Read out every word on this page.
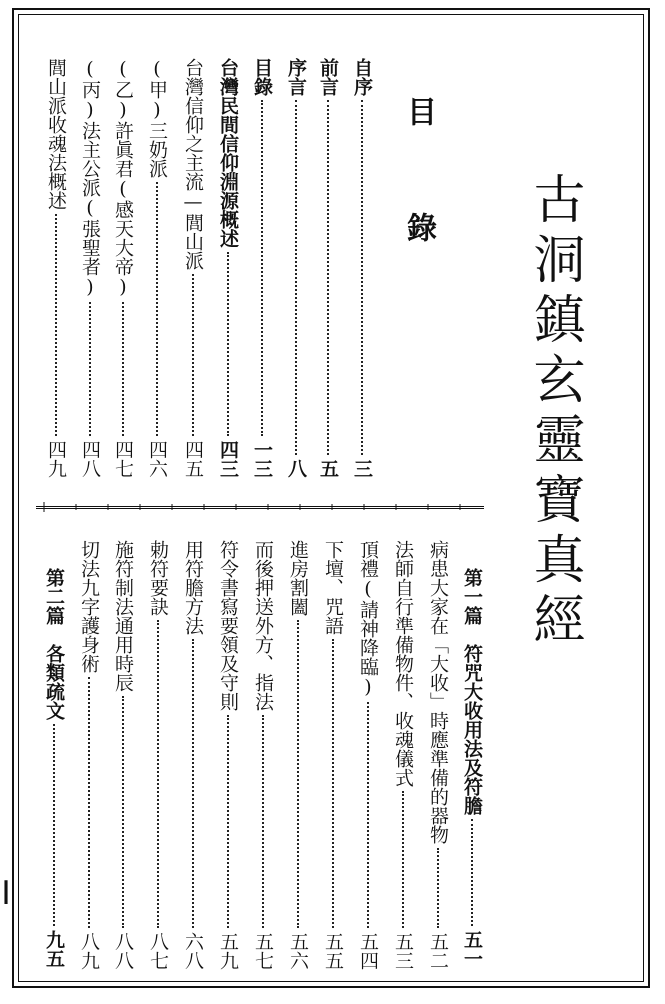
古洞鎮玄靈寶真經
目
錄
自序
三
前言
五
序言
八
目錄
一三
台灣民間信仰淵源概述
四三
台灣信仰之主流—閭山派
四五
(甲)三奶派
四六
(乙)許眞君(感天大帝)
四七
(丙)法主公派(張聖者)
四八
閭山派收魂法概述
四九
第一篇　符咒大收用法及符膽
五一
病患大家在「大收」時應準備的器物
五二
法師自行準備物件、收魂儀式
五三
頂禮(請神降臨)
五四
下壇、咒語
五五
進房割闔
五六
而後押送外方、指法
五七
符令書寫要領及守則
五九
用符膽方法
六八
勅符要訣
八七
施符制法通用時辰
八八
切法九字護身術
八九
第二篇　各類疏文
九五
┃
